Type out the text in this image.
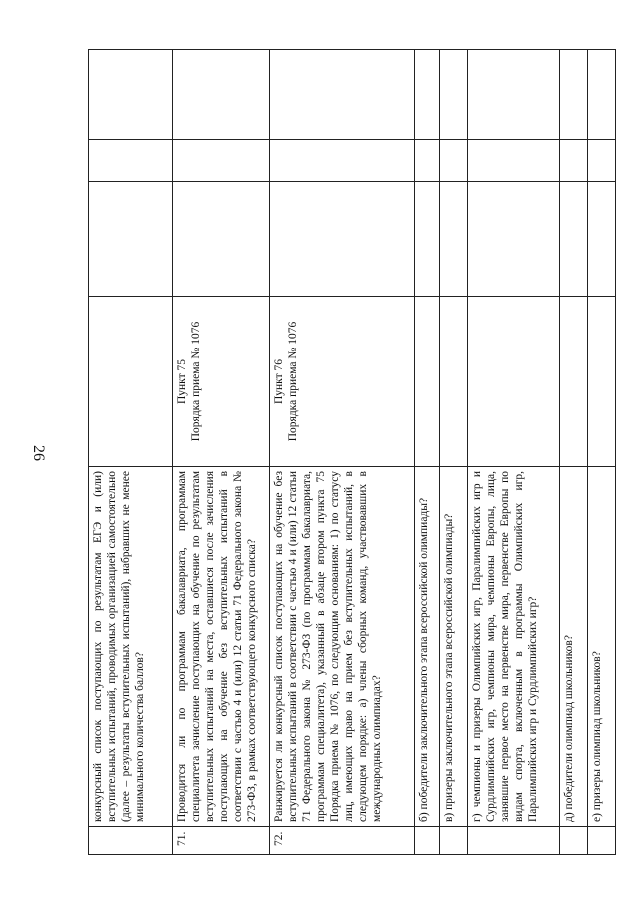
26
	конкурсный список поступающих по результатам ЕГЭ и (или) вступительных испытаний, проводимых организацией самостоятельно (далее – результаты вступительных испытаний), набравших не менее минимального количества баллов?				
71.	Проводится ли по программам бакалавриата, программам специалитета зачисление поступающих на обучение по результатам вступительных испытаний на места, оставшиеся после зачисления поступающих на обучение без вступительных испытаний в соответствии с частью 4 и (или) 12 статьи 71 Федерального закона № 273-ФЗ, в рамках соответствующего конкурсного списка?	Пункт 75 Порядка приема № 1076			

72.	Ранжируется ли конкурсный список поступающих на обучение без вступительных испытаний в соответствии с частью 4 и (или) 12 статьи 71 Федерального закона № 273-ФЗ (по программам бакалавриата, программам специалитета), указанный в абзаце втором пункта 75 Порядка приема № 1076, по следующим основаниям: 1) по статусу лиц, имеющих право на прием без вступительных испытаний, в следующем порядке: а) члены сборных команд, участвовавших в международных олимпиадах?	Пункт 76 Порядка приема № 1076			

	б) победители заключительного этапа всероссийской олимпиады?				
	в) призеры заключительного этапа всероссийской олимпиады?				
	г) чемпионы и призеры Олимпийских игр, Паралимпийских игр и Сурдлимпийских игр, чемпионы мира, чемпионы Европы, лица, занявшие первое место на первенстве мира, первенстве Европы по видам спорта, включенным в программы Олимпийских игр, Паралимпийских игр и Сурдлимпийских игр?				
	д) победители олимпиад школьников?				
	е) призеры олимпиад школьников?				
